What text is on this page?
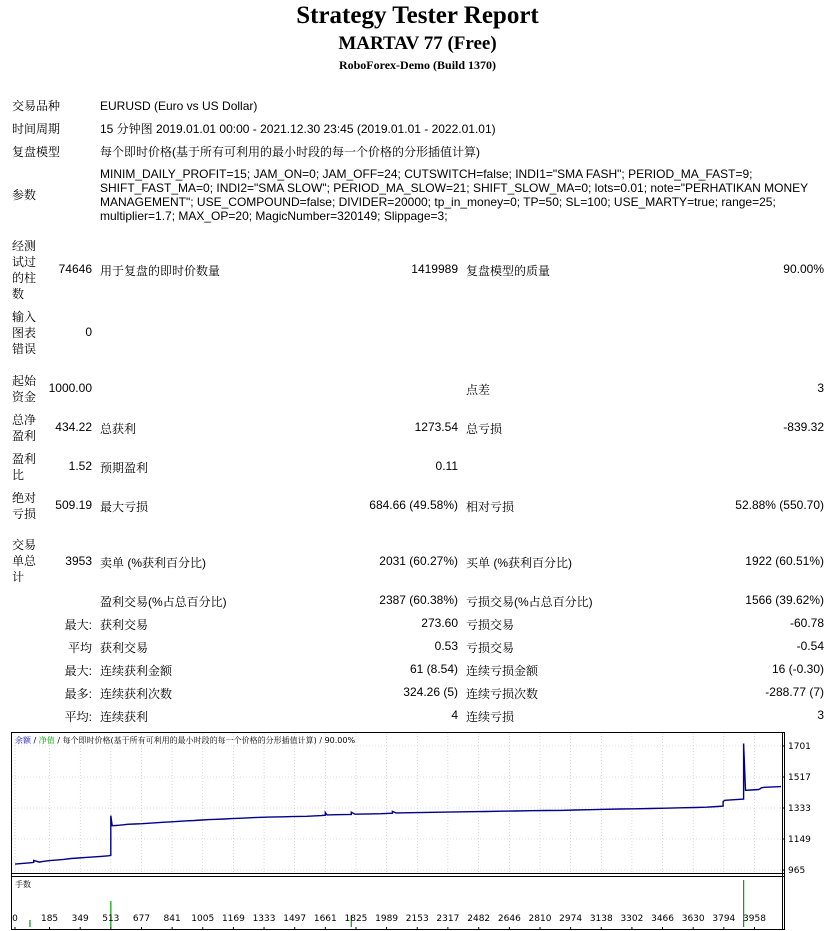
Strategy Tester Report
MARTAV 77 (Free)
RoboForex-Demo (Build 1370)
交易品种	EURUSD (Euro vs US Dollar)
时间周期	15 分钟图 2019.01.01 00:00 - 2021.12.30 23:45 (2019.01.01 - 2022.01.01)
复盘模型	每个即时价格(基于所有可利用的最小时段的每一个价格的分形插值计算)
参数
MINIM_DAILY_PROFIT=15; JAM_ON=0; JAM_OFF=24; CUTSWITCH=false; INDI1="SMA FASH"; PERIOD_MA_FAST=9;
SHIFT_FAST_MA=0; INDI2="SMA SLOW"; PERIOD_MA_SLOW=21; SHIFT_SLOW_MA=0; lots=0.01; note="PERHATIKAN MONEY
MANAGEMENT"; USE_COMPOUND=false; DIVIDER=20000; tp_in_money=0; TP=50; SL=100; USE_MARTY=true; range=25;
multiplier=1.7; MAX_OP=20; MagicNumber=320149; Slippage=3;
经测
试过
的柱
数
74646 用于复盘的即时价数量	1419989 复盘模型的质量	90.00%
输入
图表
错误
0
起始
资金
1000.00	点差	3
总净
盈利
434.22 总获利	1273.54 总亏损	-839.32
盈利
比
1.52 预期盈利	0.11
绝对
亏损
509.19 最大亏损	684.66 (49.58%) 相对亏损	52.88% (550.70)
交易
单总
计
3953 卖单 (%获利百分比)	2031 (60.27%) 买单 (%获利百分比)	1922 (60.51%)
盈利交易(%占总百分比)	2387 (60.38%) 亏损交易(%占总百分比)	1566 (39.62%)
最大: 获利交易	273.60 亏损交易	-60.78
平均 获利交易	0.53 亏损交易	-0.54
最大: 连续获利金额	61 (8.54) 连续亏损金额	16 (-0.30)
最多: 连续获利次数	324.26 (5) 连续亏损次数	-288.77 (7)
平均: 连续获利	4 连续亏损	3
余额 / 净值 / 每个即时价格(基于所有可利用的最小时段的每一个价格的分形插值计算) / 90.00%
手数
1701
1517
1333
1149
965
0	185 349 513 677 841 1005 1169 1333 1497 1661 1825 1989 2153 2317 2482 2646 2810 2974 3138 3302 3466 3630 3794 3958
